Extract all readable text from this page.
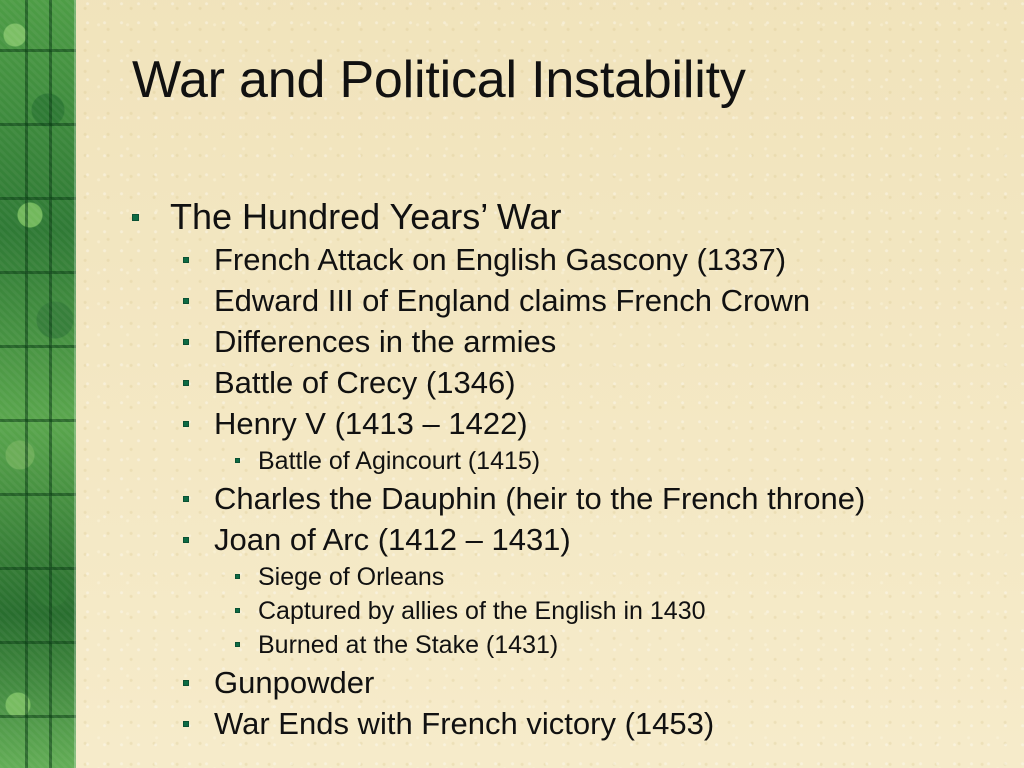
War and Political Instability
The Hundred Years’ War
French Attack on English Gascony (1337)
Edward III of England claims French Crown
Differences in the armies
Battle of Crecy (1346)
Henry V (1413 – 1422)
Battle of Agincourt (1415)
Charles the Dauphin (heir to the French throne)
Joan of Arc (1412 – 1431)
Siege of Orleans
Captured by allies of the English in 1430
Burned at the Stake (1431)
Gunpowder
War Ends with French victory (1453)
